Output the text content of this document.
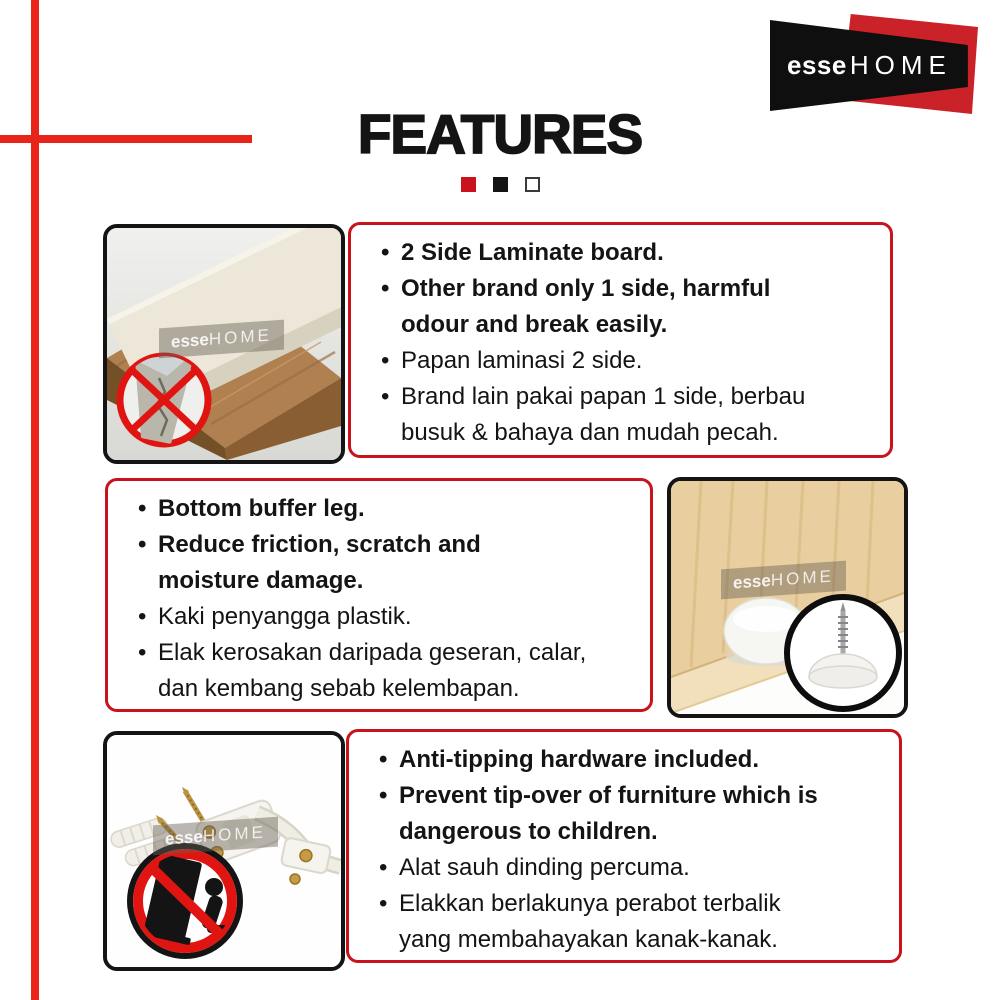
esse HOME
FEATURES
esseHOME
• 2 Side Laminate board.
• Other brand only 1 side, harmful
odour and break easily.
• Papan laminasi 2 side.
• Brand lain pakai papan 1 side, berbau
busuk & bahaya dan mudah pecah.
• Bottom buffer leg.
• Reduce friction, scratch and
moisture damage.
• Kaki penyangga plastik.
• Elak kerosakan daripada geseran, calar,
dan kembang sebab kelembapan.
esseHOME
esseHOME
• Anti-tipping hardware included.
• Prevent tip-over of furniture which is
dangerous to children.
• Alat sauh dinding percuma.
• Elakkan berlakunya perabot terbalik
yang membahayakan kanak-kanak.
